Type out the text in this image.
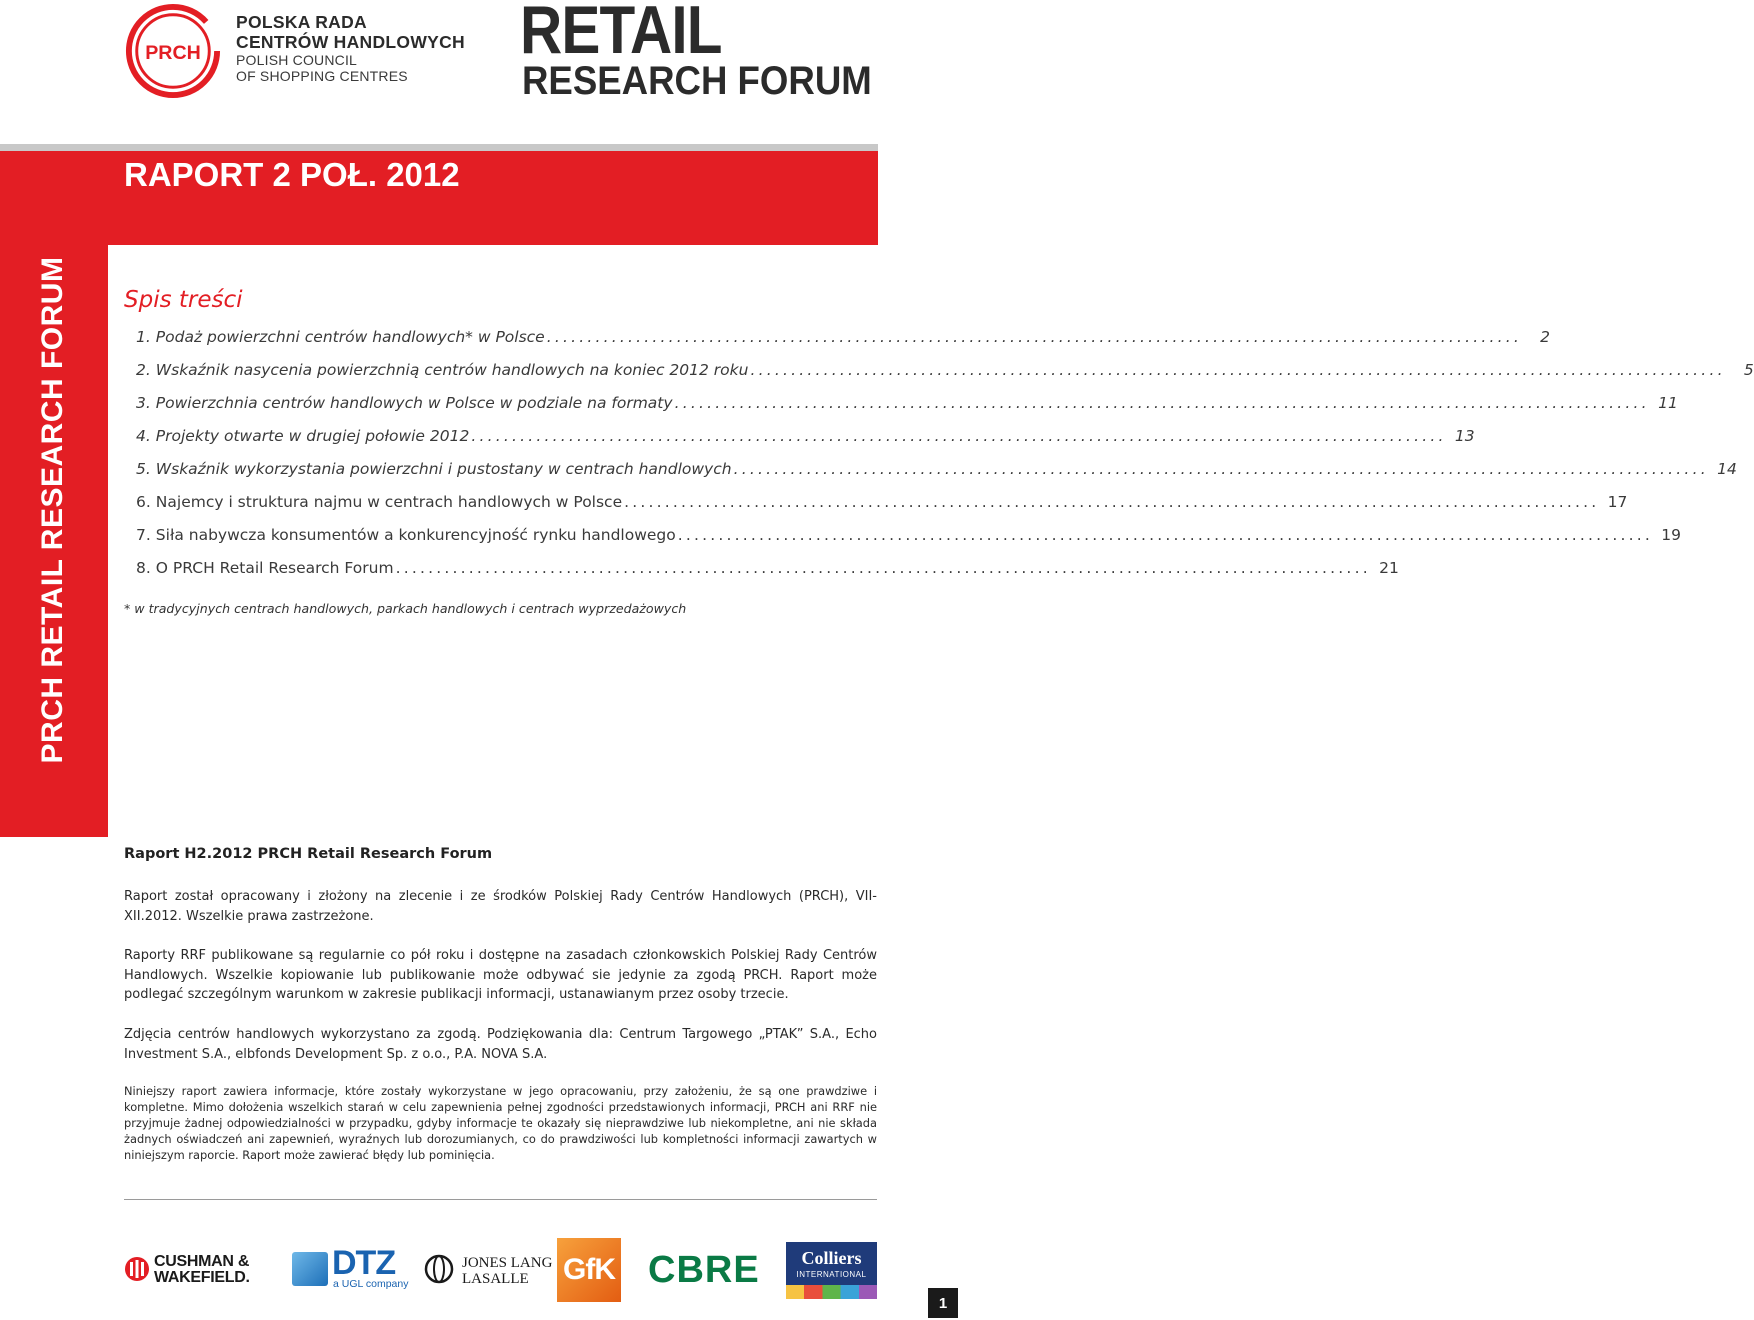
PRCH
POLSKA RADA
CENTRÓW HANDLOWYCH
POLISH COUNCIL
OF SHOPPING CENTRES
RETAIL
RESEARCH FORUM
RAPORT 2 POŁ. 2012
PRCH RETAIL RESEARCH FORUM Spis treści
1. Podaż powierzchni centrów handlowych* w Polsce ........................................................................................................................	2
2. Wskaźnik nasycenia powierzchnią centrów handlowych na koniec 2012 roku ........................................................................................................................	5
3. Powierzchnia centrów handlowych w Polsce w podziale na formaty ........................................................................................................................ 11
4. Projekty otwarte w drugiej połowie 2012 ........................................................................................................................ 13
5. Wskaźnik wykorzystania powierzchni i pustostany w centrach handlowych ........................................................................................................................ 14
6. Najemcy i struktura najmu w centrach handlowych w Polsce ........................................................................................................................ 17
7. Siła nabywcza konsumentów a konkurencyjność rynku handlowego ........................................................................................................................ 19
8. O PRCH Retail Research Forum ........................................................................................................................ 21
* w tradycyjnych centrach handlowych, parkach handlowych i centrach wyprzedażowych
Raport H2.2012 PRCH Retail Research Forum

Raport został opracowany i złożony na zlecenie i ze środków Polskiej Rady Centrów Handlowych (PRCH), VII-XII.2012. Wszelkie prawa zastrzeżone.

Raporty RRF publikowane są regularnie co pół roku i dostępne na zasadach członkowskich Polskiej Rady Centrów Handlowych. Wszelkie kopiowanie lub publikowanie może odbywać sie jedynie za zgodą PRCH. Raport może podlegać szczególnym warunkom w zakresie publikacji informacji, ustanawianym przez osoby trzecie.

Zdjęcia centrów handlowych wykorzystano za zgodą. Podziękowania dla: Centrum Targowego „PTAK” S.A., Echo Investment S.A., elbfonds Development Sp. z o.o., P.A. NOVA S.A.

Niniejszy raport zawiera informacje, które zostały wykorzystane w jego opracowaniu, przy założeniu, że są one prawdziwe i kompletne. Mimo dołożenia wszelkich starań w celu zapewnienia pełnej zgodności przedstawionych informacji, PRCH ani RRF nie przyjmuje żadnej odpowiedzialności w przypadku, gdyby informacje te okazały się nieprawdziwe lub niekompletne, ani nie składa żadnych oświadczeń ani zapewnień, wyraźnych lub dorozumianych, co do prawdziwości lub kompletności informacji zawartych w niniejszym raporcie. Raport może zawierać błędy lub pominięcia.

CUSHMAN &
WAKEFIELD. DTZ
a UGL company
JONES LANG
LASALLE GfK CBRE	Colliers
INTERNATIONAL
1
